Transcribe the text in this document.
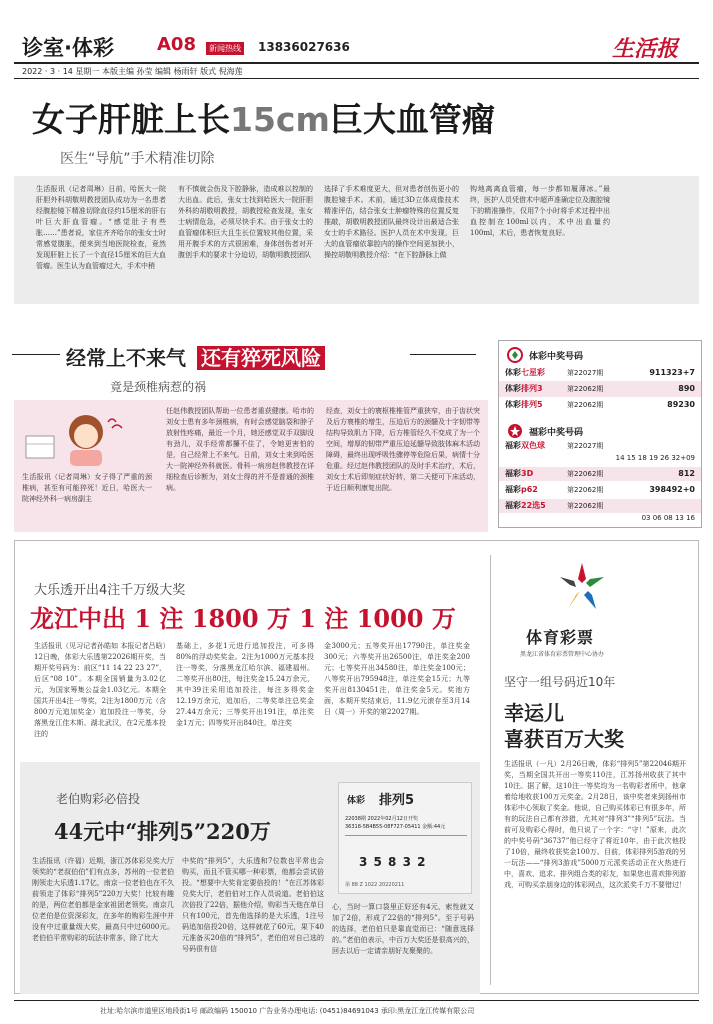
诊室·体彩 A08	新闻热线 13836027636	生活报
2022 · 3 · 14 星期一 本版主编 孙莹 编辑 杨雨轩 版式 倪海莲
女子肝脏上长15cm巨大血管瘤
医生“导航”手术精准切除
生活报讯（记者周琳）日前，哈医大一院肝胆外科胡敬明教授团队成功为一名患者经腹腔镜下精准切除直径约15厘米的肝右叶巨大肝血管瘤。“感觉肚子有些胀……”患者说，家住齐齐哈尔的张女士时常感觉腹胀，便来到当地医院检查，竟然发现肝脏上长了一个直径15厘米的巨大血管瘤。医生认为血管瘤过大，手术中稍
有不慎就会伤及下腔静脉，造成难以控制的大出血。此后，张女士找到哈医大一院肝胆外科的胡敬明教授，胡教授检查发现，张女士病情危急，必须尽快手术。由于张女士的血管瘤体积巨大且生长位置较其他位置，采用开腹手术的方式很困难，身体创伤者对开腹创手术的要求十分迫切，胡敬明教授团队
选择了手术难度更大，但对患者创伤更小的腹腔镜手术。术前，通过3D立体成像技术精准评估，结合张女士肿瘤特殊的位置反复推敲，胡敬明教授团队最终设计出最适合张女士的手术路径。医护人员在术中发现，巨大的血管瘤依靠腔内的操作空间更加狭小，操控胡敬明教授介绍：“在下腔静脉上做
钩地离离血管瘤，每一步都如履薄冰。”最终，医护人员凭借术中超声准确定位及腹腔镜下的精准操作，仅用7个小时将手术过程中出血控制在100ml以内，术中出血量约100ml，术后，患者恢复良好。
经常上不来气 还有猝死风险
竟是颈椎病惹的祸
生活报讯（记者周琳）女子得了严重的颈椎病，甚至有可能猝死！近日，哈医大一院神经外科一病房副主
任赵伟教授团队帮助一位患者重获健康。哈市的刘女士患有多年颈椎病，有时会感觉脑袋和脖子放射性疼痛，最近一个月，她还感觉双手双脚没有劲儿，双手经常都攥不住了，令她更害怕的是，自己经常上不来气。日前，刘女士来到哈医大一院神经外科就医。骨科一病房赵伟教授在详细检查后诊断为，刘女士得的并不是普通的颈椎病。
经查，刘女士的寰枢椎椎管严重狭窄，由于齿状突及后方寰椎的增生，压迫后方的颈髓及十字韧带等结构导致肌力下降，后方椎管经久不变成了为一个空间，增厚的韧带严重压迫延髓导致肢体麻木活动障碍，最终出现呼吸性骤停等危险后果，病情十分危重。经过赵伟教授团队的及时手术治疗，术后，刘女士术后即刻症状好转，第二天便可下床活动，于近日顺利康复出院。
体彩中奖号码
体彩七星彩	第22027期	911323+7
体彩排列3	第22062期	890
体彩排列5	第22062期	89230
福彩中奖号码
福彩双色球	第22027期
14 15 18 19 26 32+09
福彩3D	第22062期	812
福彩p62	第22062期	398492+0
福彩22选5	第22062期
03 06 08 13 16
大乐透开出4注千万级大奖
龙江中出 1 注 1800 万 1 注 1000 万
生活报讯（见习记者孙皓如 本报记者吕晗）12日晚，体彩大乐透第22026期开奖，当期开奖号码为：前区“11 14 22 23 27”，后区“08 10”。本期全国销量为3.02亿元，为国家筹集公益金1.03亿元。本期全国共开出4注一等奖，2注为1800万元（含800万元追加奖金）追加投注一等奖，分落黑龙江佳木斯、湖北武汉，在2元基本投注的
基础上，多花1元进行追加投注，可多得80%的浮动奖奖金。2注为1000万元基本投注一等奖，分落黑龙江哈尔滨、福建福州。二等奖开出80注，每注奖金15.24万余元，其中39注采用追加投注，每注多得奖金12.19万余元，追加后，二等奖单注总奖金27.44万余元；三等奖开出191注，单注奖金1万元；四等奖开出840注，单注奖
金3000元；五等奖开出17790注，单注奖金300元；六等奖开出26500注，单注奖金200元；七等奖开出34580注，单注奖金100元；八等奖开出795948注，单注奖金15元；九等奖开出8130451注，单注奖金5元。奖池方面，本期开奖结束后，11.9亿元滚存至3月14日（周一）开奖的第22027期。
老伯购彩必倍投
44元中“排列5”220万
生活报讯（许福）近期，浙江苏体彩兑奖大厅领奖的“老叔伯伯”们有点多，苏州的一位老伯刚领走大乐透1.17亿，南京一位老伯也在不久前领走了体彩“排列5”220万大奖！比较有趣的是，两位老伯都是金家祖团老领奖。南京几位老伯是位资深彩友，在多年的购彩生涯中并没有中过重量级大奖，最高只中过6000元。老伯伯平常购彩的玩法非常多，除了比大
中奖的“排列5”，大乐透和7位数也平常也会购买，而且不管买哪一种彩票，他都会尝试倍投。“想要中大奖肯定要倍投的！”在江苏体彩兑奖大厅，老伯伯对工作人员说道。老伯伯这次倍投了22倍，据他介绍，购彩当天他在单日只有100元，首先他选择的是大乐透，1注号码追加倍投20倍，这样就花了60元，果下40元准备买20倍的“排列5”，老伯伯对自己选的号码很有信
体彩 排列5
22038期 2022年02月12日开奖
36318-5B4B55-08F727-05411 金额:44元
3 5 8 3 2
第 88 Z 1022 20220211
心，当时一算口袋里正好还有4元，索性就又加了2倍，形成了22倍的“排列5”。至于号码的选择，老伯伯只是靠直觉而已：“随意选择的。”老伯伯表示，中百万大奖还是很高兴的，回去以后一定请亲朋好友聚聚的。
体育彩票
黑龙江省体育彩票管理中心协办
坚守一组号码近10年
幸运儿
喜获百万大奖
生活报讯（一凡）2月26日晚，体彩“排列5”第22046期开奖，当期全国共开出一等奖110注，江苏扬州收获了其中10注。据了解，这10注一等奖均为一名购彩者所中，他拿着给地收获100万元奖金。2月28日，该中奖者来到扬州市体彩中心领取了奖金。他说，自己购买体彩已有很多年，所有的玩法自己都有涉猎，尤其对“排列3”“排列5”玩法。当前可及购彩心得时，他只说了一个字：“守！”原来，此次的中奖号码“36737”他已经守了将近10年，由于此次他投了10倍，最终收获奖金100万。目前，体彩排列5游戏的另一玩法——“排列3游戏”5000万元派奖活动正在火热进行中，喜欢、追求、排列组合类的彩友，如果您也喜欢排列游戏，可购买亲朋身边的体彩网点，这次派奖千万不要错过！
社址:哈尔滨市道里区地段街1号 邮政编码 150010 广告业务办理电话: (0451)84691043 承印:黑龙江龙江传媒有限公司
